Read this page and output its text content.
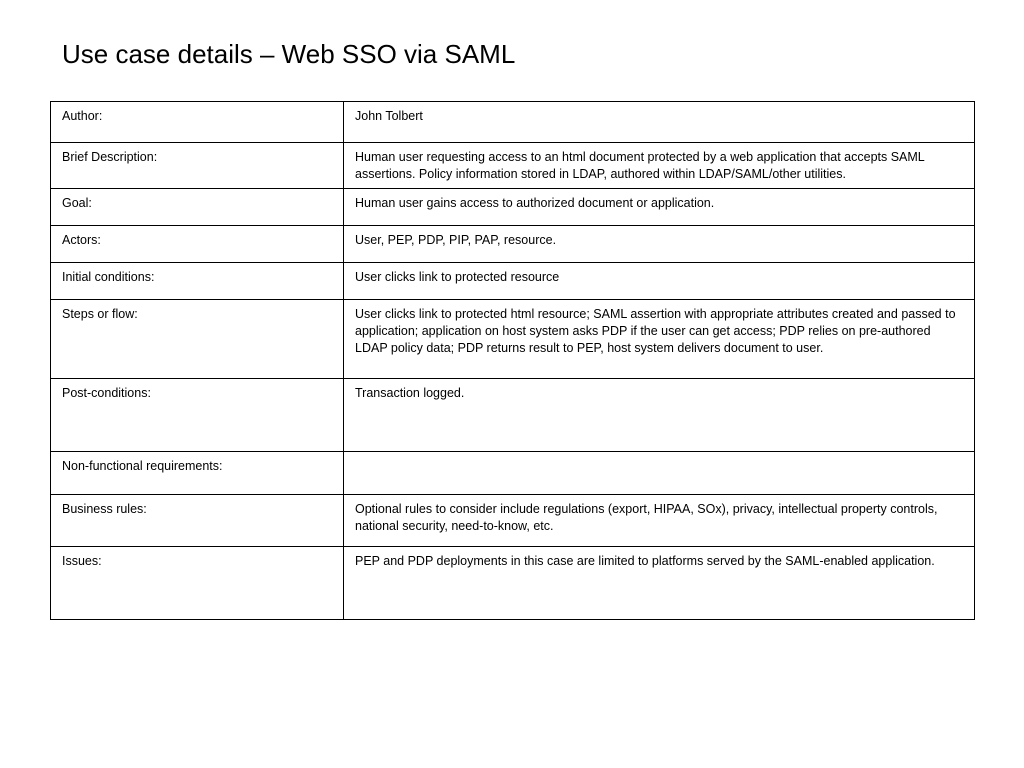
Use case details – Web SSO via SAML
Author:	John Tolbert
Brief Description:	Human user requesting access to an html document protected by a web application that accepts SAML assertions. Policy information stored in LDAP, authored within LDAP/SAML/other utilities.
Goal:	Human user gains access to authorized document or application.
Actors:	User, PEP, PDP, PIP, PAP, resource.
Initial conditions:	User clicks link to protected resource
Steps or flow:	User clicks link to protected html resource; SAML assertion with appropriate attributes created and passed to application; application on host system asks PDP if the user can get access; PDP relies on pre-authored LDAP policy data; PDP returns result to PEP, host system delivers document to user.
Post-conditions:	Transaction logged.
Non-functional requirements:	
Business rules:	Optional rules to consider include regulations (export, HIPAA, SOx), privacy, intellectual property controls, national security, need-to-know, etc.
Issues:	PEP and PDP deployments in this case are limited to platforms served by the SAML-enabled application.
